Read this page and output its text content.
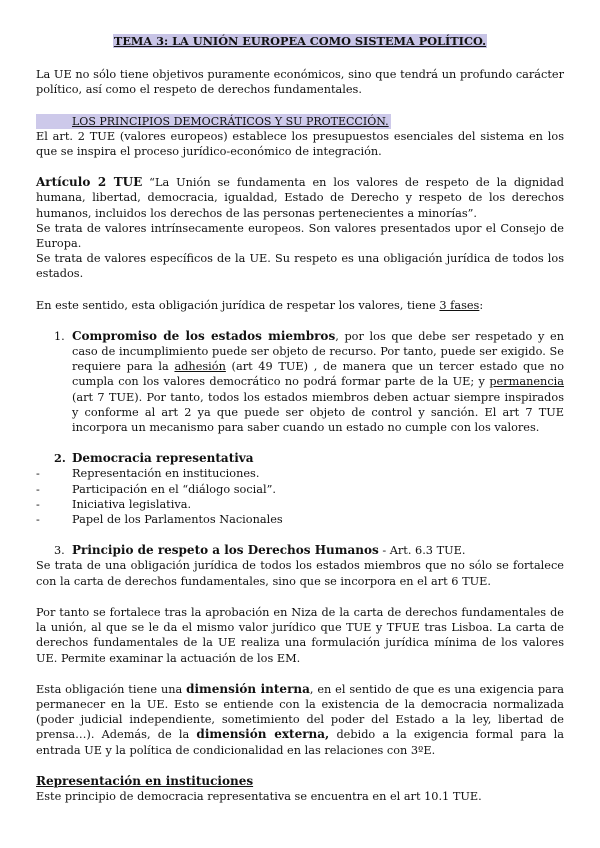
TEMA 3: LA UNIÓN EUROPEA COMO SISTEMA POLÍTICO.

La UE no sólo tiene objetivos puramente económicos, sino que tendrá un profundo carácter político, así como el respeto de derechos fundamentales.

LOS PRINCIPIOS DEMOCRÁTICOS Y SU PROTECCIÓN.

El art. 2 TUE (valores europeos) establece los presupuestos esenciales del sistema en los que se inspira el proceso jurídico-económico de integración.

Artículo 2 TUE “La Unión se fundamenta en los valores de respeto de la dignidad humana, libertad, democracia, igualdad, Estado de Derecho y respeto de los derechos humanos, incluidos los derechos de las personas pertenecientes a minorías”.

Se trata de valores intrínsecamente europeos. Son valores presentados upor el Consejo de Europa.

Se trata de valores específicos de la UE. Su respeto es una obligación jurídica de todos los estados.

En este sentido, esta obligación jurídica de respetar los valores, tiene 3 fases:

1. Compromiso de los estados miembros, por los que debe ser respetado y en caso de incumplimiento puede ser objeto de recurso. Por tanto, puede ser exigido. Se requiere para la adhesión (art 49 TUE) , de manera que un tercer estado que no cumpla con los valores democrático no podrá formar parte de la UE; y permanencia (art 7 TUE). Por tanto, todos los estados miembros deben actuar siempre inspirados y conforme al art 2 ya que puede ser objeto de control y sanción. El art 7 TUE incorpora un mecanismo para saber cuando un estado no cumple con los valores.
2. Democracia representativa
- Representación en instituciones.
- Participación en el “diálogo social”.
- Iniciativa legislativa.
- Papel de los Parlamentos Nacionales
3. Principio de respeto a los Derechos Humanos - Art. 6.3 TUE.

Se trata de una obligación jurídica de todos los estados miembros que no sólo se fortalece con la carta de derechos fundamentales, sino que se incorpora en el art 6 TUE.

Por tanto se fortalece tras la aprobación en Niza de la carta de derechos fundamentales de la unión, al que se le da el mismo valor jurídico que TUE y TFUE tras Lisboa. La carta de derechos fundamentales de la UE realiza una formulación jurídica mínima de los valores UE. Permite examinar la actuación de los EM.

Esta obligación tiene una dimensión interna, en el sentido de que es una exigencia para permanecer en la UE. Esto se entiende con la existencia de la democracia normalizada (poder judicial independiente, sometimiento del poder del Estado a la ley, libertad de prensa…). Además, de la dimensión externa, debido a la exigencia formal para la entrada UE y la política de condicionalidad en las relaciones con 3ºE.

Representación en instituciones

Este principio de democracia representativa se encuentra en el art 10.1 TUE.
